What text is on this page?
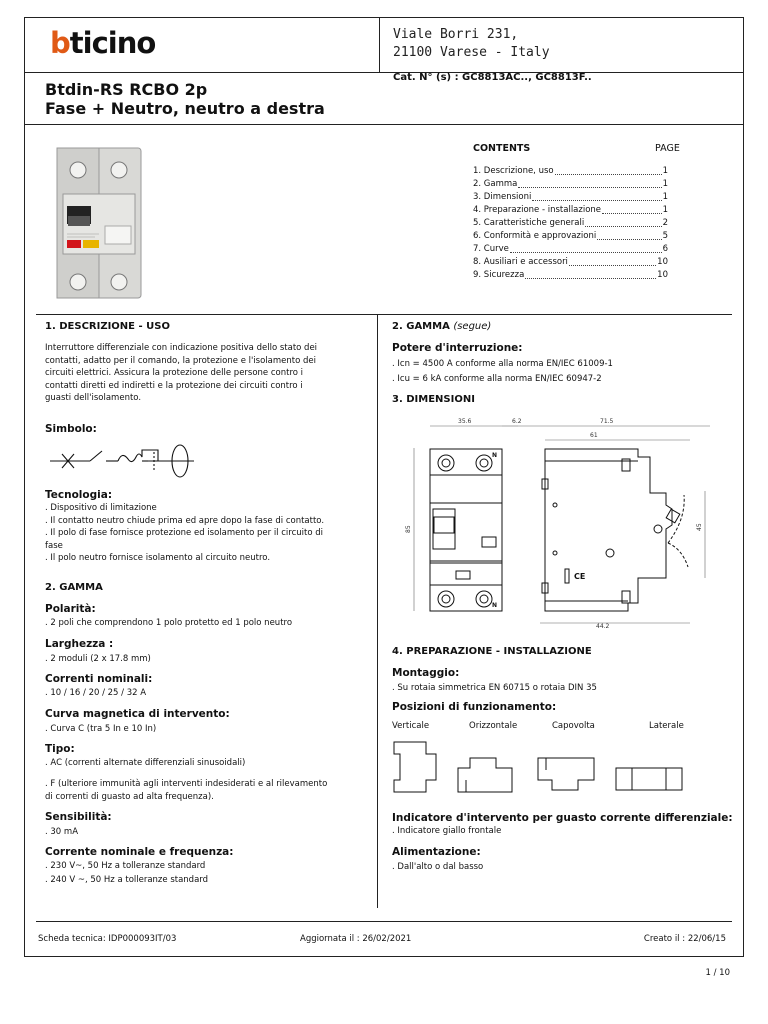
bticino	Viale Borri 231,
21100 Varese - Italy
Cat. N° (s) : GC8813AC.., GC8813F..
Btdin-RS RCBO 2p
Fase + Neutro, neutro a destra
CONTENTS	PAGE
1. Descrizione, uso	1
2. Gamma	1
3. Dimensioni	1
4. Preparazione - installazione	1
5. Caratteristiche generali	2
6. Conformità e approvazioni	5
7. Curve	6
8. Ausiliari e accessori	10
9. Sicurezza	10
1. DESCRIZIONE - USO
Interruttore differenziale con indicazione positiva dello stato dei
contatti, adatto per il comando, la protezione e l'isolamento dei
circuiti elettrici. Assicura la protezione delle persone contro i
contatti diretti ed indiretti e la protezione dei circuiti contro i
guasti dell'isolamento.
Simbolo:
Tecnologia:
. Dispositivo di limitazione
. Il contatto neutro chiude prima ed apre dopo la fase di contatto.
. Il polo di fase fornisce protezione ed isolamento per il circuito di
fase
. Il polo neutro fornisce isolamento al circuito neutro.
2. GAMMA
Polarità:
. 2 poli che comprendono 1 polo protetto ed 1 polo neutro
Larghezza :
. 2 moduli (2 x 17.8 mm)
Correnti nominali:
. 10 / 16 / 20 / 25 / 32 A
Curva magnetica di intervento:
. Curva C (tra 5 In e 10 In)
Tipo:
. AC (correnti alternate differenziali sinusoidali)
. F (ulteriore immunità agli interventi indesiderati e al rilevamento
di correnti di guasto ad alta frequenza).
Sensibilità:
. 30 mA
Corrente nominale e frequenza:
. 230 V~, 50 Hz a tolleranze standard
. 240 V ~, 50 Hz a tolleranze standard
2. GAMMA (segue)
Potere d'interruzione:
. Icn = 4500 A conforme alla norma EN/IEC 61009-1
. Icu = 6 kA conforme alla norma EN/IEC 60947-2
3. DIMENSIONI
35.6	6.2	71.5
61
85	45
44.2
N
N
CE
4. PREPARAZIONE - INSTALLAZIONE
Montaggio:
. Su rotaia simmetrica EN 60715 o rotaia DIN 35
Posizioni di funzionamento:
Verticale	Orizzontale	Capovolta	Laterale
Indicatore d'intervento per guasto corrente differenziale:
. Indicatore giallo frontale
Alimentazione:
. Dall'alto o dal basso
Scheda tecnica: IDP000093IT/03	Aggiornata il : 26/02/2021	Creato il : 22/06/15
1 / 10
